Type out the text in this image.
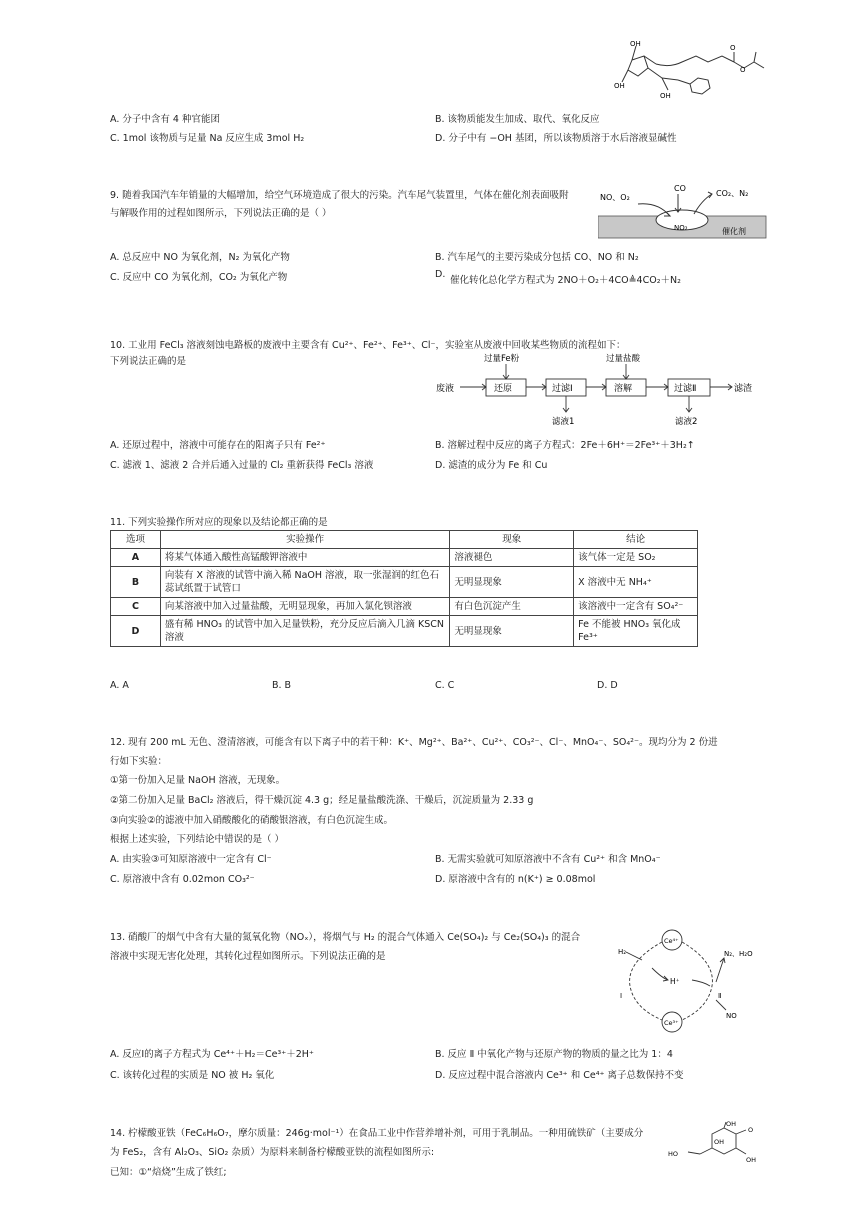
OH
OH
OH
O
O
A. 分子中含有 4 种官能团	B. 该物质能发生加成、取代、氧化反应
C. 1mol 该物质与足量 Na 反应生成 3mol H₂	D. 分子中有 −OH 基团，所以该物质溶于水后溶液显碱性
9. 随着我国汽车年销量的大幅增加，给空气环境造成了很大的污染。汽车尾气装置里，气体在催化剂表面吸附
与解吸作用的过程如图所示，下列说法正确的是（ ）
NO、O₂
CO
CO₂、N₂
NO₂	催化剂
A. 总反应中 NO 为氧化剂，N₂ 为氧化产物	B. 汽车尾气的主要污染成分包括 CO、NO 和 N₂
C. 反应中 CO 为氧化剂，CO₂ 为氧化产物	D.
催化转化总化学方程式为 2NO＋O₂＋4CO≜4CO₂＋N₂
10. 工业用 FeCl₃ 溶液刻蚀电路板的废液中主要含有 Cu²⁺、Fe²⁺、Fe³⁺、Cl⁻，实验室从废液中回收某些物质的流程如下：
下列说法正确的是
废液
过量Fe粉	过量盐酸
还原	过滤Ⅰ	溶解	过滤Ⅱ	滤渣
滤液1	滤液2
A. 还原过程中，溶液中可能存在的阳离子只有 Fe²⁺	B. 溶解过程中反应的离子方程式：2Fe＋6H⁺＝2Fe³⁺＋3H₂↑
C. 滤液 1、滤液 2 合并后通入过量的 Cl₂ 重新获得 FeCl₃ 溶液	D. 滤渣的成分为 Fe 和 Cu
11. 下列实验操作所对应的现象以及结论都正确的是
选项	实验操作	现象	结论
A	将某气体通入酸性高锰酸钾溶液中	溶液褪色	该气体一定是 SO₂
B	向装有 X 溶液的试管中滴入稀 NaOH 溶液，取一张湿润的红色石蕊试纸置于试管口	无明显现象	X 溶液中无 NH₄⁺
C	向某溶液中加入过量盐酸，无明显现象，再加入氯化钡溶液	有白色沉淀产生	该溶液中一定含有 SO₄²⁻
D	盛有稀 HNO₃ 的试管中加入足量铁粉，充分反应后滴入几滴 KSCN 溶液	无明显现象	Fe 不能被 HNO₃ 氧化成 Fe³⁺
A. A	B. B	C. C	D. D
12. 现有 200 mL 无色、澄清溶液，可能含有以下离子中的若干种：K⁺、Mg²⁺、Ba²⁺、Cu²⁺、CO₃²⁻、Cl⁻、MnO₄⁻、SO₄²⁻。现均分为 2 份进
行如下实验：
①第一份加入足量 NaOH 溶液，无现象。
②第二份加入足量 BaCl₂ 溶液后，得干燥沉淀 4.3 g；经足量盐酸洗涤、干燥后，沉淀质量为 2.33 g
③向实验②的滤液中加入硝酸酸化的硝酸银溶液，有白色沉淀生成。
根据上述实验，下列结论中错误的是（ ）
A. 由实验③可知原溶液中一定含有 Cl⁻	B. 无需实验就可知原溶液中不含有 Cu²⁺ 和含 MnO₄⁻
C. 原溶液中含有 0.02mon CO₃²⁻	D. 原溶液中含有的 n(K⁺) ≥ 0.08mol
13. 硝酸厂的烟气中含有大量的氮氧化物（NOₓ），将烟气与 H₂ 的混合气体通入 Ce(SO₄)₂ 与 Ce₂(SO₄)₃ 的混合
溶液中实现无害化处理，其转化过程如图所示。下列说法正确的是
Ce⁴⁺
Ce³⁺
H₂
H⁺
N₂、H₂O
NO
Ⅰ	Ⅱ
A. 反应Ⅰ的离子方程式为 Ce⁴⁺＋H₂＝Ce³⁺＋2H⁺	B. 反应 Ⅱ 中氧化产物与还原产物的物质的量之比为 1：4
C. 该转化过程的实质是 NO 被 H₂ 氧化	D. 反应过程中混合溶液内 Ce³⁺ 和 Ce⁴⁺ 离子总数保持不变
14. 柠檬酸亚铁（FeC₆H₆O₇，摩尔质量：246g·mol⁻¹）在食品工业中作营养增补剂，可用于乳制品。一种用硫铁矿（主要成分
为 FeS₂，含有 Al₂O₃、SiO₂ 杂质）为原料来制备柠檬酸亚铁的流程如图所示:
已知：①“焙烧”生成了铁红;
OH
O
OH
HO
OH
